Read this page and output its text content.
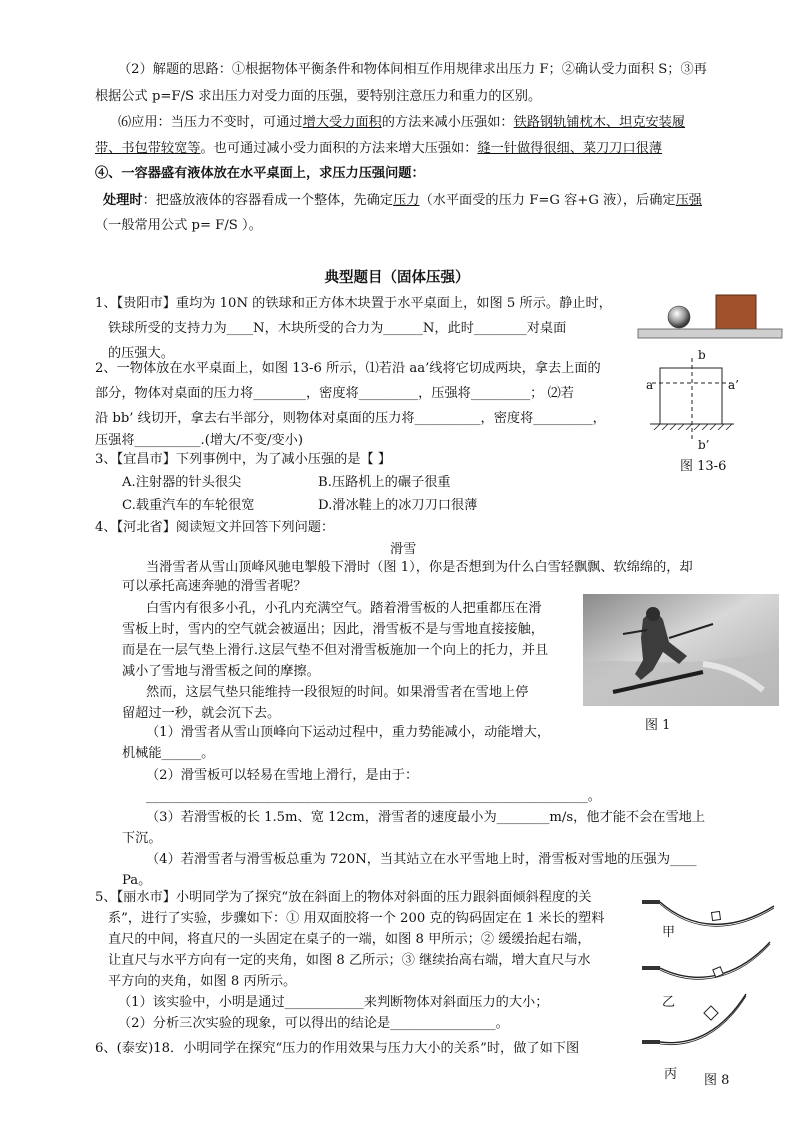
（2）解题的思路：①根据物体平衡条件和物体间相互作用规律求出压力 F；②确认受力面积 S；③再
根据公式 p=F/S 求出压力对受力面的压强，要特别注意压力和重力的区别。
⑹应用：当压力不变时，可通过增大受力面积的方法来减小压强如：铁路钢轨铺枕木、坦克安装履
带、书包带较宽等。也可通过减小受力面积的方法来增大压强如：缝一针做得很细、菜刀刀口很薄
④、一容器盛有液体放在水平桌面上，求压力压强问题：
处理时：把盛放液体的容器看成一个整体，先确定压力（水平面受的压力 F=G 容+G 液），后确定压强
（一般常用公式 p= F/S ）。
典型题目（固体压强）
1、【贵阳市】重均为 10N 的铁球和正方体木块置于水平桌面上，如图 5 所示。静止时，
铁球所受的支持力为____N，木块所受的合力为______N，此时________对桌面
的压强大。
2、一物体放在水平桌面上，如图 13-6 所示，⑴若沿 aa’线将它切成两块，拿去上面的
部分，物体对桌面的压力将________，密度将_________，压强将_________； ⑵若
沿 bb’ 线切开，拿去右半部分，则物体对桌面的压力将__________，密度将_________，
压强将__________.(增大/不变/变小)
a	a’
b
b’
图 13-6
3、【宜昌市】下列事例中，为了减小压强的是【 】
A.注射器的针头很尖	B.压路机上的碾子很重
C.载重汽车的车轮很宽	D.滑冰鞋上的冰刀刀口很薄
4、【河北省】阅读短文并回答下列问题：
滑雪
当滑雪者从雪山顶峰风驰电掣般下滑时（图 1），你是否想到为什么白雪轻飘飘、软绵绵的，却
可以承托高速奔驰的滑雪者呢？
白雪内有很多小孔，小孔内充满空气。踏着滑雪板的人把重都压在滑
雪板上时，雪内的空气就会被逼出；因此，滑雪板不是与雪地直接接触，
而是在一层气垫上滑行.这层气垫不但对滑雪板施加一个向上的托力，并且
减小了雪地与滑雪板之间的摩擦。
然而，这层气垫只能维持一段很短的时间。如果滑雪者在雪地上停
留超过一秒，就会沉下去。
图 1
（1）滑雪者从雪山顶峰向下运动过程中，重力势能减小，动能增大，
机械能______。
（2）滑雪板可以轻易在雪地上滑行，是由于：
___________________________________________________________________。
（3）若滑雪板的长 1.5m、宽 12cm，滑雪者的速度最小为________m/s，他才能不会在雪地上
下沉。
（4）若滑雪者与滑雪板总重为 720N，当其站立在水平雪地上时，滑雪板对雪地的压强为____
Pa。
5、【丽水市】小明同学为了探究“放在斜面上的物体对斜面的压力跟斜面倾斜程度的关
系”，进行了实验，步骤如下：① 用双面胶将一个 200 克的钩码固定在 1 米长的塑料
直尺的中间，将直尺的一头固定在桌子的一端，如图 8 甲所示；② 缓缓抬起右端，
让直尺与水平方向有一定的夹角，如图 8 乙所示；③ 继续抬高右端，增大直尺与水
平方向的夹角，如图 8 丙所示。
（1）该实验中，小明是通过____________来判断物体对斜面压力的大小；
（2）分析三次实验的现象，可以得出的结论是________________。
甲
乙
丙 图 8
6、(泰安)18．小明同学在探究“压力的作用效果与压力大小的关系”时，做了如下图
